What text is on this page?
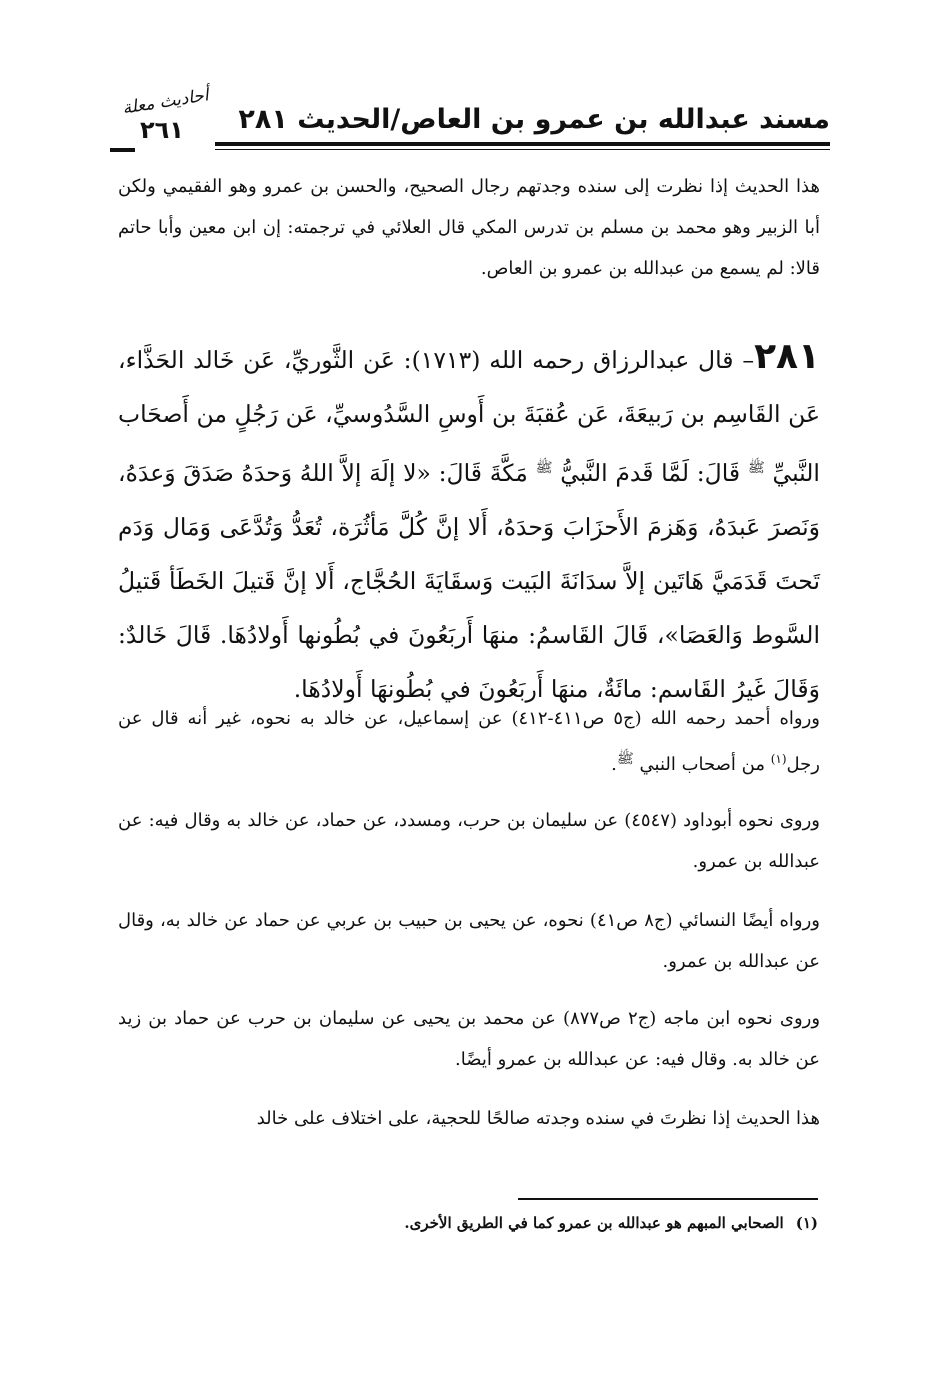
مسند عبدالله بن عمرو بن العاص/الحديث ٢٨١
٢٦١
أحاديث معلة

هذا الحديث إذا نظرت إلى سنده وجدتهم رجال الصحيح، والحسن بن عمرو وهو الفقيمي ولكن أبا الزبير وهو محمد بن مسلم بن تدرس المكي قال العلائي في ترجمته: إن ابن معين وأبا حاتم قالا: لم يسمع من عبدالله بن عمرو بن العاص.

٢٨١– قال عبدالرزاق رحمه الله (١٧١٣): عَن الثَّوريِّ، عَن خَالد الحَذَّاء، عَن القَاسِم بن رَبيعَةَ، عَن عُقبَةَ بن أَوسِ السَّدُوسيِّ، عَن رَجُلٍ من أَصحَاب النَّبيِّ $^ﷺ$ قَالَ: لَمَّا قَدمَ النَّبيُّ $^ﷺ$ مَكَّةَ قَالَ: «لا إلَهَ إلاَّ اللهُ وَحدَهُ صَدَقَ وَعدَهُ، وَنَصرَ عَبدَهُ، وَهَزمَ الأَحزَابَ وَحدَهُ، أَلا إنَّ كُلَّ مَأثُرَة، تُعَدُّ وَتُدَّعَى وَمَال وَدَم تَحتَ قَدَمَيَّ هَاتَين إلاَّ سدَانَةَ البَيت وَسقَايَةَ الحُجَّاج، أَلا إنَّ قَتيلَ الخَطَأ قَتيلُ السَّوط وَالعَصَا»، قَالَ القَاسمُ: منهَا أَربَعُونَ في بُطُونها أَولادُهَا. قَالَ خَالدٌ: وَقَالَ غَيرُ القَاسم: مائَةٌ، منهَا أَربَعُونَ في بُطُونهَا أَولادُهَا.

ورواه أحمد رحمه الله (ج٥ ص٤١١-٤١٢) عن إسماعيل، عن خالد به نحوه، غير أنه قال عن رجل$^{(١)}$ من أصحاب النبي $^ﷺ$.

وروى نحوه أبوداود (٤٥٤٧) عن سليمان بن حرب، ومسدد، عن حماد، عن خالد به وقال فيه: عن عبدالله بن عمرو.

ورواه أيضًا النسائي (ج٨ ص٤١) نحوه، عن يحيى بن حبيب بن عربي عن حماد عن خالد به، وقال عن عبدالله بن عمرو.

وروى نحوه ابن ماجه (ج٢ ص٨٧٧) عن محمد بن يحيى عن سليمان بن حرب عن حماد بن زيد عن خالد به. وقال فيه: عن عبدالله بن عمرو أيضًا.

هذا الحديث إذا نظرتَ في سنده وجدته صالحًا للحجية، على اختلاف على خالد

(١)الصحابي المبهم هو عبدالله بن عمرو كما في الطريق الأخرى.
